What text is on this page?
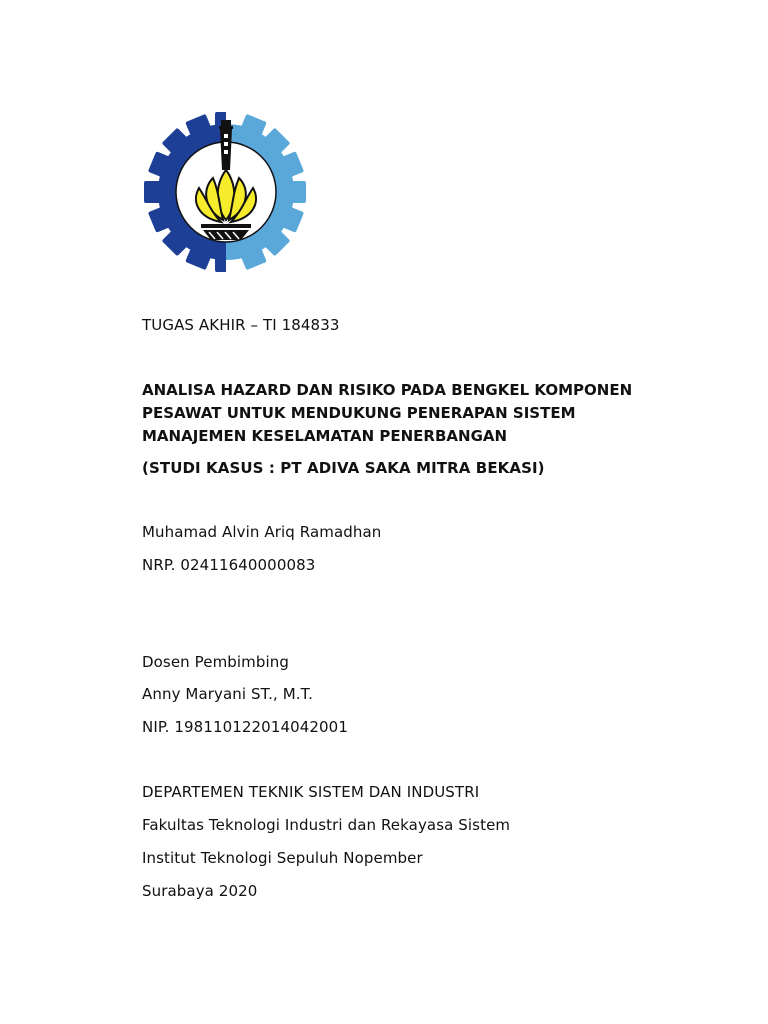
TUGAS AKHIR – TI 184833
ANALISA HAZARD DAN RISIKO PADA BENGKEL KOMPONEN
PESAWAT UNTUK MENDUKUNG PENERAPAN SISTEM
MANAJEMEN KESELAMATAN PENERBANGAN
(STUDI KASUS : PT ADIVA SAKA MITRA BEKASI)
Muhamad Alvin Ariq Ramadhan
NRP. 02411640000083
Dosen Pembimbing
Anny Maryani ST., M.T.
NIP. 198110122014042001
DEPARTEMEN TEKNIK SISTEM DAN INDUSTRI
Fakultas Teknologi Industri dan Rekayasa Sistem
Institut Teknologi Sepuluh Nopember
Surabaya 2020
